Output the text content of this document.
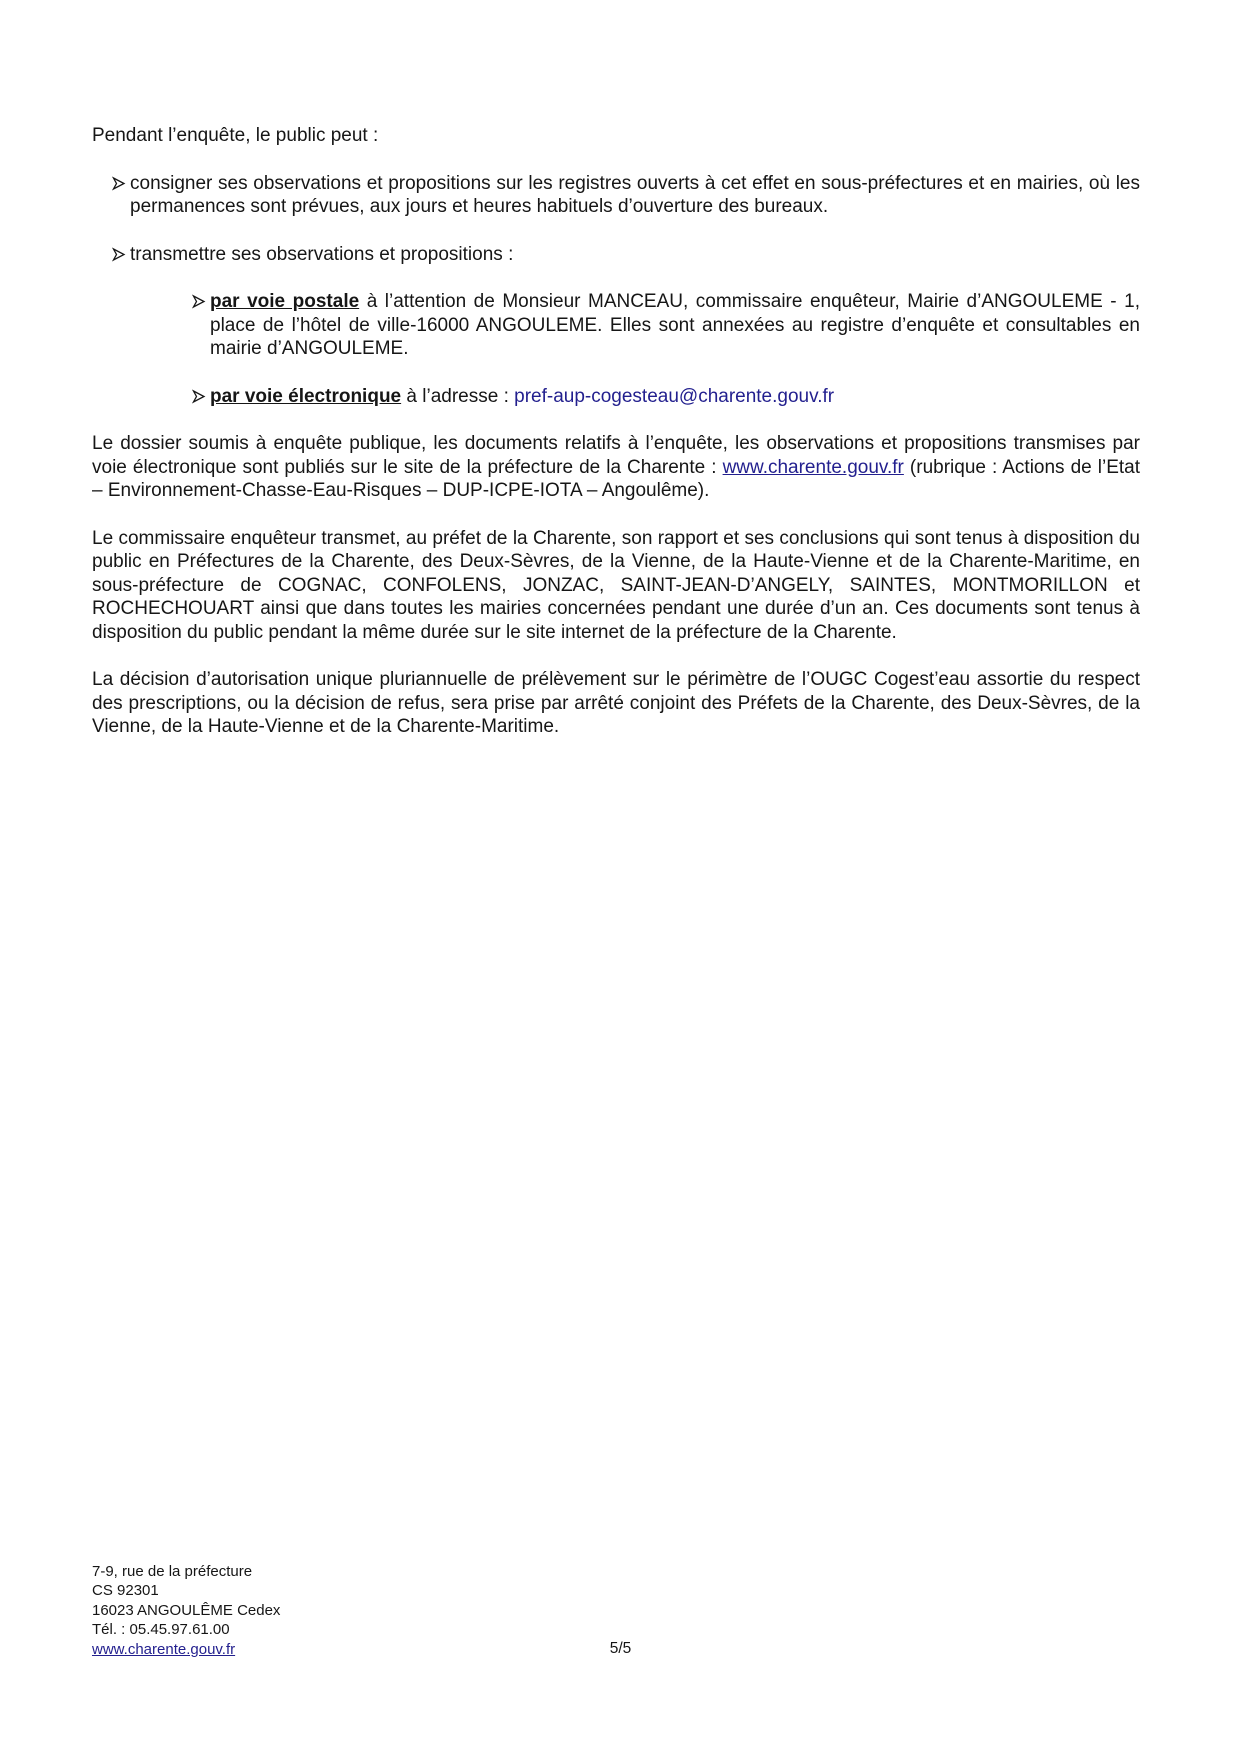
Pendant l’enquête, le public peut :

consigner ses observations et propositions sur les registres ouverts à cet effet en sous-préfectures et en mairies, où les permanences sont prévues, aux jours et heures habituels d’ouverture des bureaux.
transmettre ses observations et propositions :
par voie postale à l’attention de Monsieur MANCEAU, commissaire enquêteur, Mairie d’ANGOULEME - 1, place de l’hôtel de ville-16000 ANGOULEME. Elles sont annexées au registre d’enquête et consultables en mairie d’ANGOULEME.
par voie électronique à l’adresse : pref-aup-cogesteau@charente.gouv.fr

Le dossier soumis à enquête publique, les documents relatifs à l’enquête, les observations et propositions transmises par voie électronique sont publiés sur le site de la préfecture de la Charente : www.charente.gouv.fr (rubrique : Actions de l’Etat – Environnement-Chasse-Eau-Risques – DUP-ICPE-IOTA – Angoulême).

Le commissaire enquêteur transmet, au préfet de la Charente, son rapport et ses conclusions qui sont tenus à disposition du public en Préfectures de la Charente, des Deux-Sèvres, de la Vienne, de la Haute-Vienne et de la Charente-Maritime, en sous-préfecture de COGNAC, CONFOLENS, JONZAC, SAINT-JEAN-D’ANGELY, SAINTES, MONTMORILLON et ROCHECHOUART ainsi que dans toutes les mairies concernées pendant une durée d’un an. Ces documents sont tenus à disposition du public pendant la même durée sur le site internet de la préfecture de la Charente.

La décision d’autorisation unique pluriannuelle de prélèvement sur le périmètre de l’OUGC Cogest’eau assortie du respect des prescriptions, ou la décision de refus, sera prise par arrêté conjoint des Préfets de la Charente, des Deux-Sèvres, de la Vienne, de la Haute-Vienne et de la Charente-Maritime.

7-9, rue de la préfecture
CS 92301
16023 ANGOULÊME Cedex
Tél. : 05.45.97.61.00
www.charente.gouv.fr	5/5
